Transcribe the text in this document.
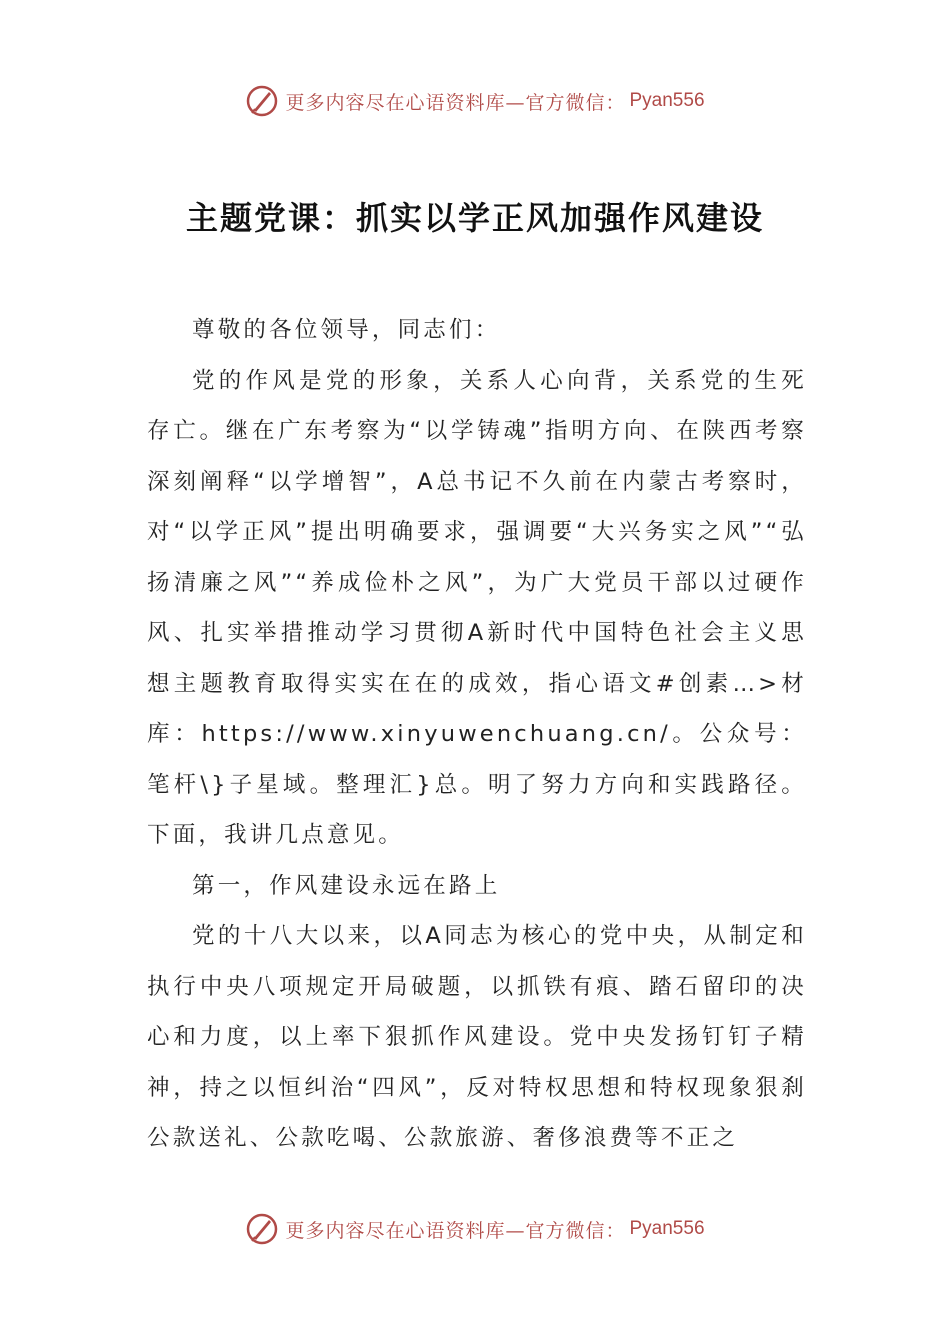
更多内容尽在心语资料库—官方微信： Pyan556
主题党课：抓实以学正风加强作风建设

尊敬的各位领导，同志们：

党的作风是党的形象，关系人心向背，关系党的生死存亡。继在广东考察为“以学铸魂”指明方向、在陕西考察深刻阐释“以学增智”，A总书记不久前在内蒙古考察时，对“以学正风”提出明确要求，强调要“大兴务实之风”“弘扬清廉之风”“养成俭朴之风”，为广大党员干部以过硬作风、扎实举措推动学习贯彻A新时代中国特色社会主义思想主题教育取得实实在在的成效，指心语文#创素…>材库：https://www.xinyuwenchuang.cn/。公众号：笔杆\}子星域。整理汇}总。明了努力方向和实践路径。下面，我讲几点意见。

第一，作风建设永远在路上

党的十八大以来，以A同志为核心的党中央，从制定和执行中央八项规定开局破题，以抓铁有痕、踏石留印的决心和力度，以上率下狠抓作风建设。党中央发扬钉钉子精神，持之以恒纠治“四风”，反对特权思想和特权现象狠刹公款送礼、公款吃喝、公款旅游、奢侈浪费等不正之

更多内容尽在心语资料库—官方微信： Pyan556
